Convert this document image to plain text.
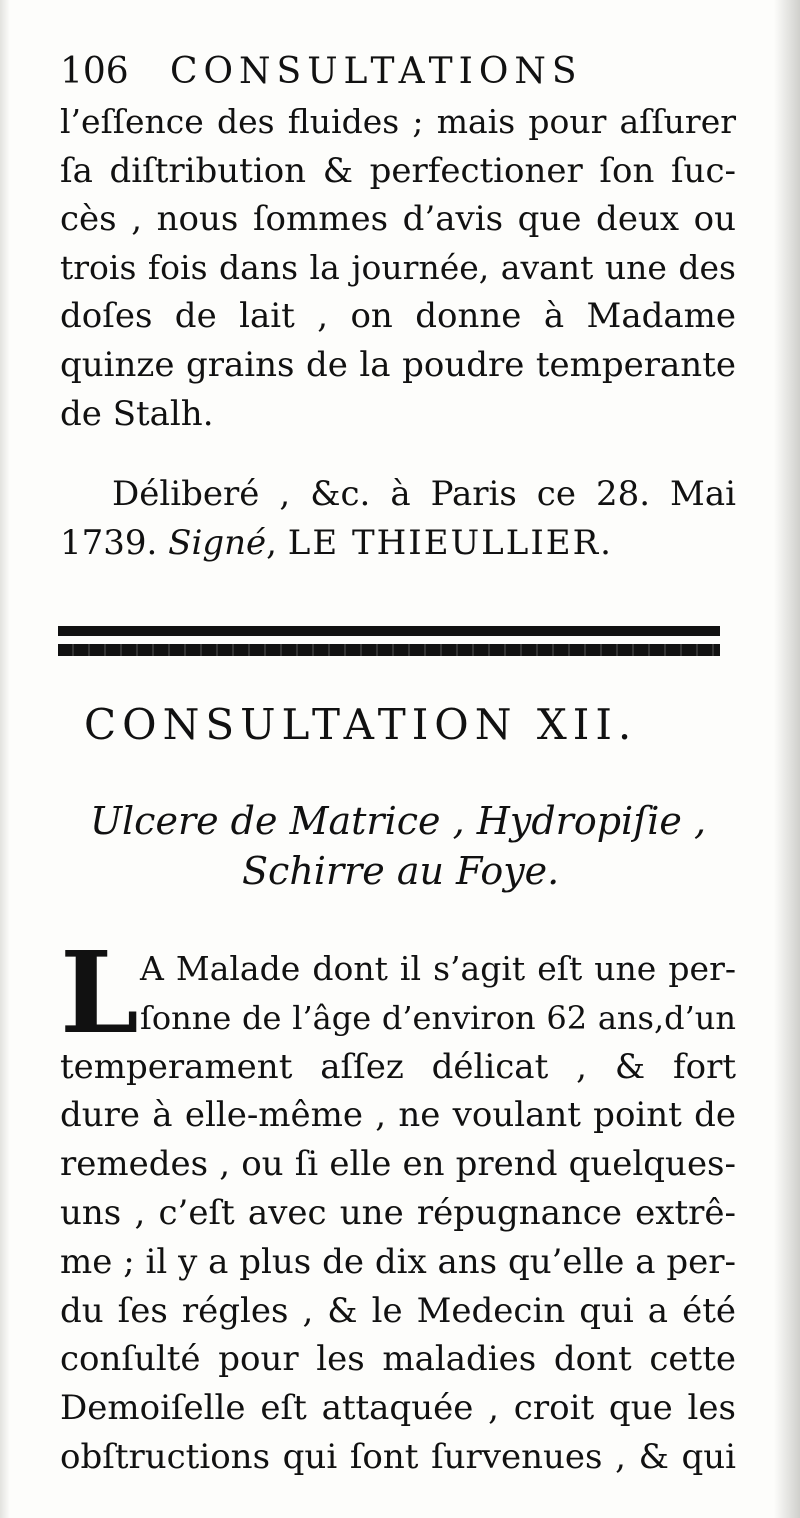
106 CONSULTATIONS
l’eſſence des fluides ; mais pour aſſurer
ſa diſtribution & perfectioner ſon ſuc-
cès , nous ſommes d’avis que deux ou
trois fois dans la journée, avant une des
doſes de lait , on donne à Madame
quinze grains de la poudre temperante
de Stalh.
Déliberé , &c. à Paris ce 28. Mai
1739. Signé, LE THIEULLIER.
CONSULTATION XII.
Ulcere de Matrice , Hydropiſie ,
Schirre au Foye.
L A Malade dont il s’agit eſt une per-
ſonne de l’âge d’environ 62 ans,d’un
temperament aſſez délicat , & fort
dure à elle-même , ne voulant point de
remedes , ou ſi elle en prend quelques-
uns , c’eſt avec une répugnance extrê-
me ; il y a plus de dix ans qu’elle a per-
du ſes régles , & le Medecin qui a été
conſulté pour les maladies dont cette
Demoiſelle eſt attaquée , croit que les
obſtructions qui ſont ſurvenues , & qui
